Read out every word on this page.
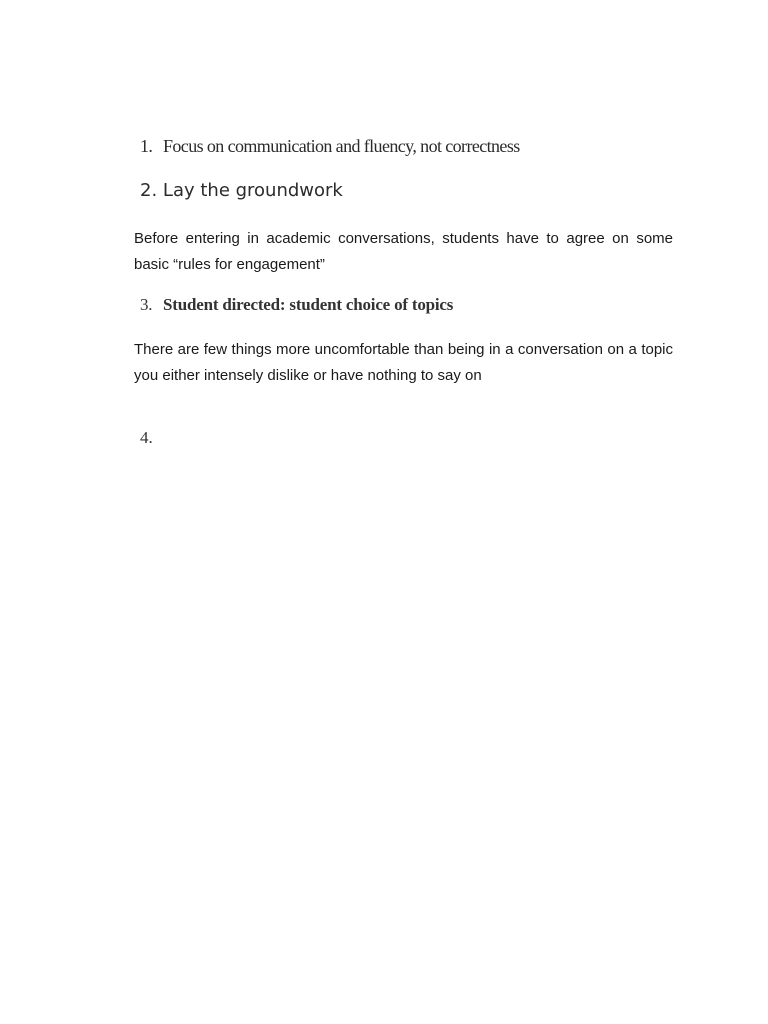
1. Focus on communication and fluency, not correctness
2. Lay the groundwork

Before entering in academic conversations, students have to agree on some basic “rules for engagement”

3. Student directed: student choice of topics

There are few things more uncomfortable than being in a conversation on a topic you either intensely dislike or have nothing to say on

4.
